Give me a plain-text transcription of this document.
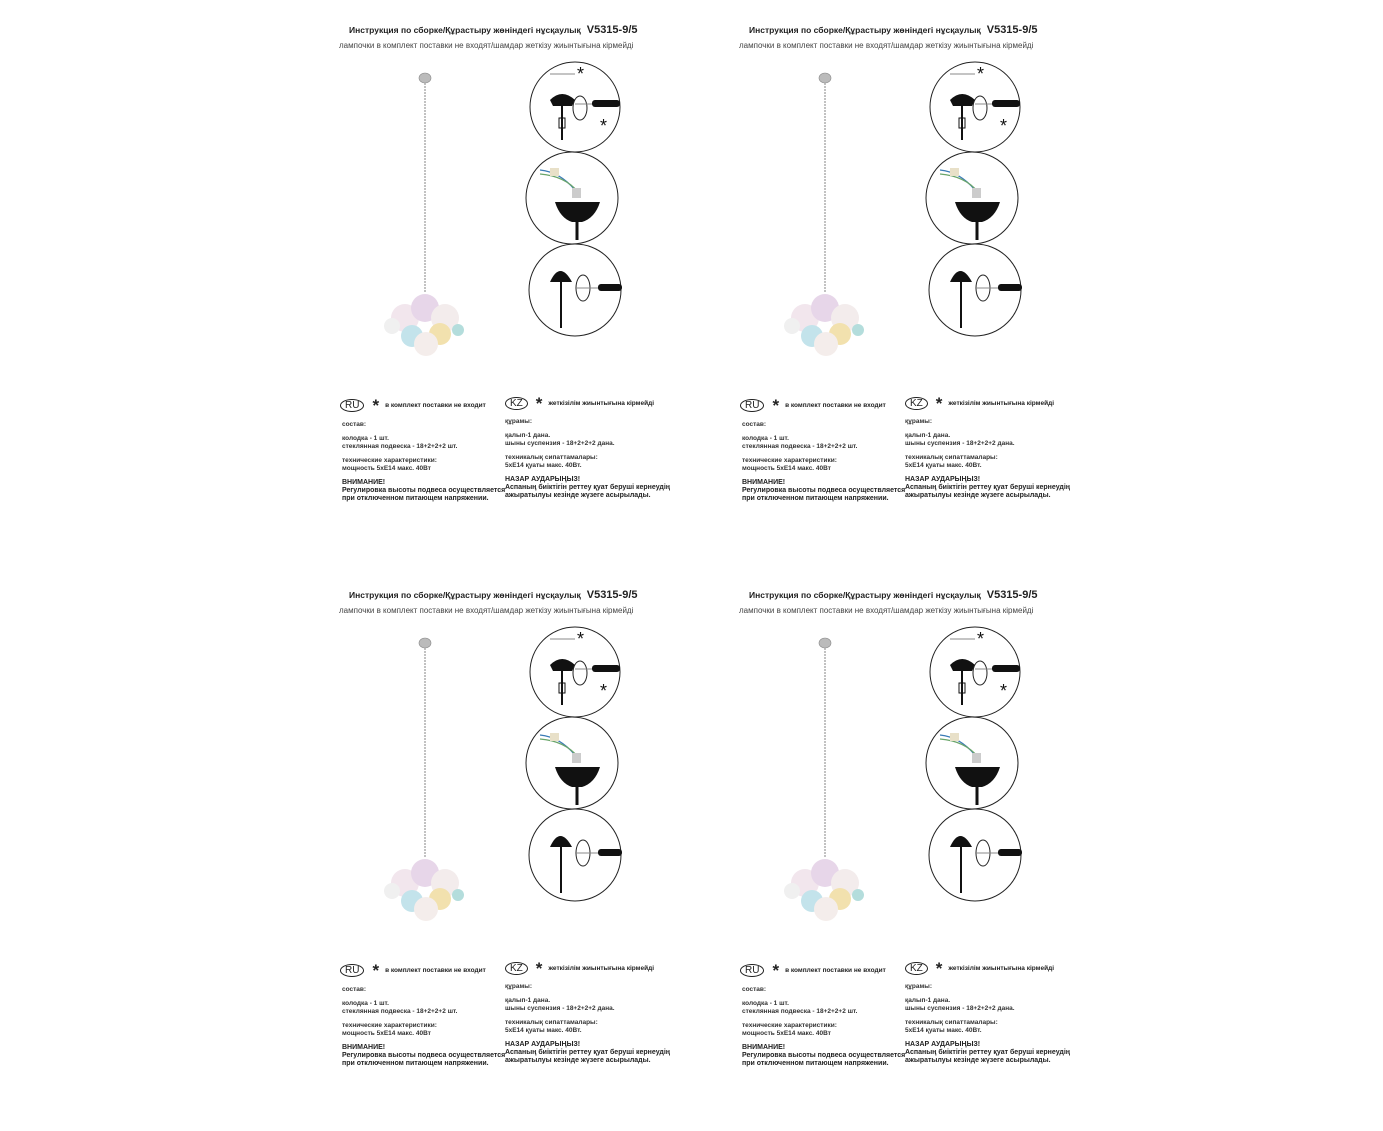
Инструкция по сборке/Құрастыру жөніндегі нұсқаулық V5315-9/5
лампочки в комплект поставки не входят/шамдар жеткізу жиынтығына кірмейді
*
*
RU * в комплект поставки не входит	KZ * жеткізілім жиынтығына кірмейді

состав:

колодка - 1 шт.
стеклянная подвеска - 18+2+2+2 шт.

технические характеристики:
мощность 5хЕ14 макс. 40Вт

ВНИМАНИЕ!
Регулировка высоты подвеса осуществляется
при отключенном питающем напряжении.

құрамы:

қалып-1 дана.
шыны суспензия - 18+2+2+2 дана.

техникалық сипаттамалары:
5хЕ14 қуаты макс. 40Вт.

НАЗАР АУДАРЫҢЫЗ!
Аспаның биіктігін реттеу қуат беруші кернеудің
ажыратылуы кезінде жүзеге асырылады.

Инструкция по сборке/Құрастыру жөніндегі нұсқаулық V5315-9/5
лампочки в комплект поставки не входят/шамдар жеткізу жиынтығына кірмейді
*
*
RU * в комплект поставки не входит	KZ * жеткізілім жиынтығына кірмейді

состав:

колодка - 1 шт.
стеклянная подвеска - 18+2+2+2 шт.

технические характеристики:
мощность 5хЕ14 макс. 40Вт

ВНИМАНИЕ!
Регулировка высоты подвеса осуществляется
при отключенном питающем напряжении.

құрамы:

қалып-1 дана.
шыны суспензия - 18+2+2+2 дана.

техникалық сипаттамалары:
5хЕ14 қуаты макс. 40Вт.

НАЗАР АУДАРЫҢЫЗ!
Аспаның биіктігін реттеу қуат беруші кернеудің
ажыратылуы кезінде жүзеге асырылады.

Инструкция по сборке/Құрастыру жөніндегі нұсқаулық V5315-9/5
лампочки в комплект поставки не входят/шамдар жеткізу жиынтығына кірмейді
*
*
RU * в комплект поставки не входит	KZ * жеткізілім жиынтығына кірмейді

состав:

колодка - 1 шт.
стеклянная подвеска - 18+2+2+2 шт.

технические характеристики:
мощность 5хЕ14 макс. 40Вт

ВНИМАНИЕ!
Регулировка высоты подвеса осуществляется
при отключенном питающем напряжении.

құрамы:

қалып-1 дана.
шыны суспензия - 18+2+2+2 дана.

техникалық сипаттамалары:
5хЕ14 қуаты макс. 40Вт.

НАЗАР АУДАРЫҢЫЗ!
Аспаның биіктігін реттеу қуат беруші кернеудің
ажыратылуы кезінде жүзеге асырылады.

Инструкция по сборке/Құрастыру жөніндегі нұсқаулық V5315-9/5
лампочки в комплект поставки не входят/шамдар жеткізу жиынтығына кірмейді
*
*
RU * в комплект поставки не входит	KZ * жеткізілім жиынтығына кірмейді

состав:

колодка - 1 шт.
стеклянная подвеска - 18+2+2+2 шт.

технические характеристики:
мощность 5хЕ14 макс. 40Вт

ВНИМАНИЕ!
Регулировка высоты подвеса осуществляется
при отключенном питающем напряжении.

құрамы:

қалып-1 дана.
шыны суспензия - 18+2+2+2 дана.

техникалық сипаттамалары:
5хЕ14 қуаты макс. 40Вт.

НАЗАР АУДАРЫҢЫЗ!
Аспаның биіктігін реттеу қуат беруші кернеудің
ажыратылуы кезінде жүзеге асырылады.
